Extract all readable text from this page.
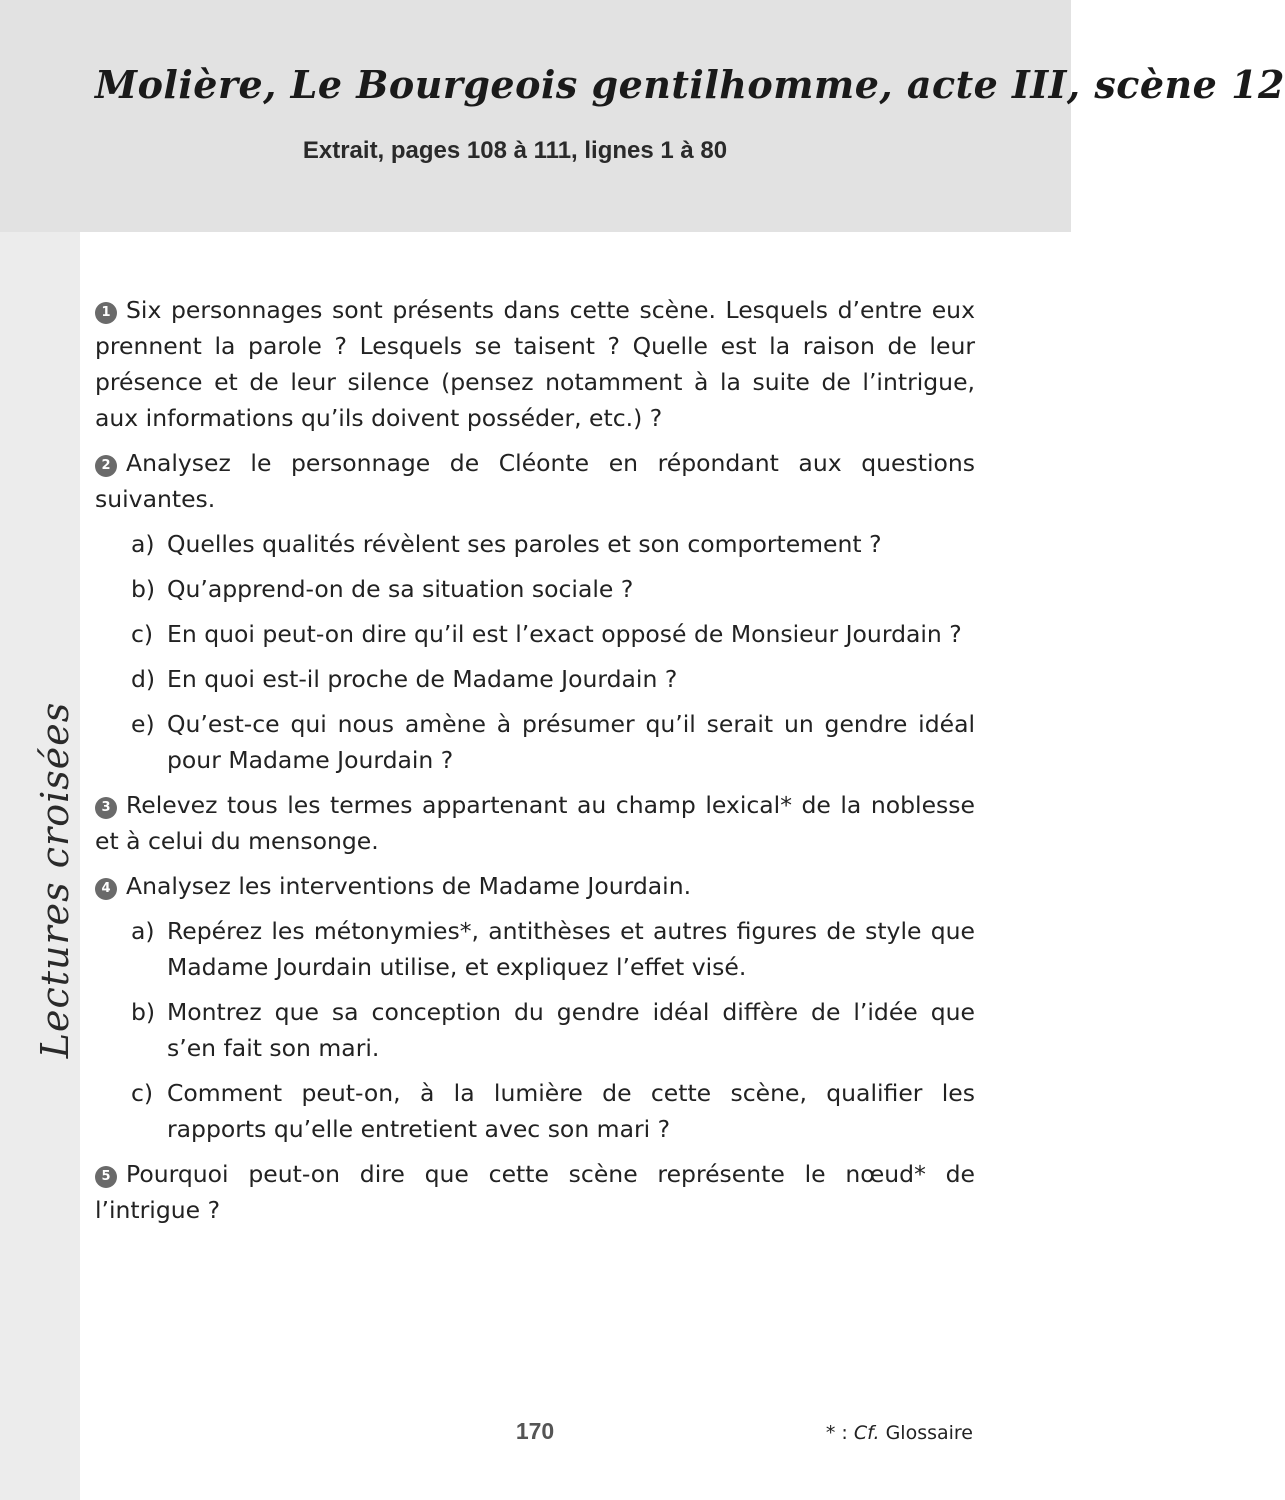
Molière, Le Bourgeois gentilhomme, acte III, scène 12

Extrait, pages 108 à 111, lignes 1 à 80

Lectures croisées

1 Six personnages sont présents dans cette scène. Lesquels d’entre eux prennent la parole ? Lesquels se taisent ? Quelle est la raison de leur présence et de leur silence (pensez notamment à la suite de l’intrigue, aux informations qu’ils doivent posséder, etc.) ?

2 Analysez le personnage de Cléonte en répondant aux questions suivantes.

a) Quelles qualités révèlent ses paroles et son comportement ?

b) Qu’apprend-on de sa situation sociale ?

c) En quoi peut-on dire qu’il est l’exact opposé de Monsieur Jourdain ?

d) En quoi est-il proche de Madame Jourdain ?

e) Qu’est-ce qui nous amène à présumer qu’il serait un gendre idéal pour Madame Jourdain ?

3 Relevez tous les termes appartenant au champ lexical* de la noblesse et à celui du mensonge.

4 Analysez les interventions de Madame Jourdain.

a) Repérez les métonymies*, antithèses et autres figures de style que Madame Jourdain utilise, et expliquez l’effet visé.

b) Montrez que sa conception du gendre idéal diffère de l’idée que s’en fait son mari.

c) Comment peut-on, à la lumière de cette scène, qualifier les rapports qu’elle entretient avec son mari ?

5 Pourquoi peut-on dire que cette scène représente le nœud* de l’intrigue ?

170	* : Cf. Glossaire
